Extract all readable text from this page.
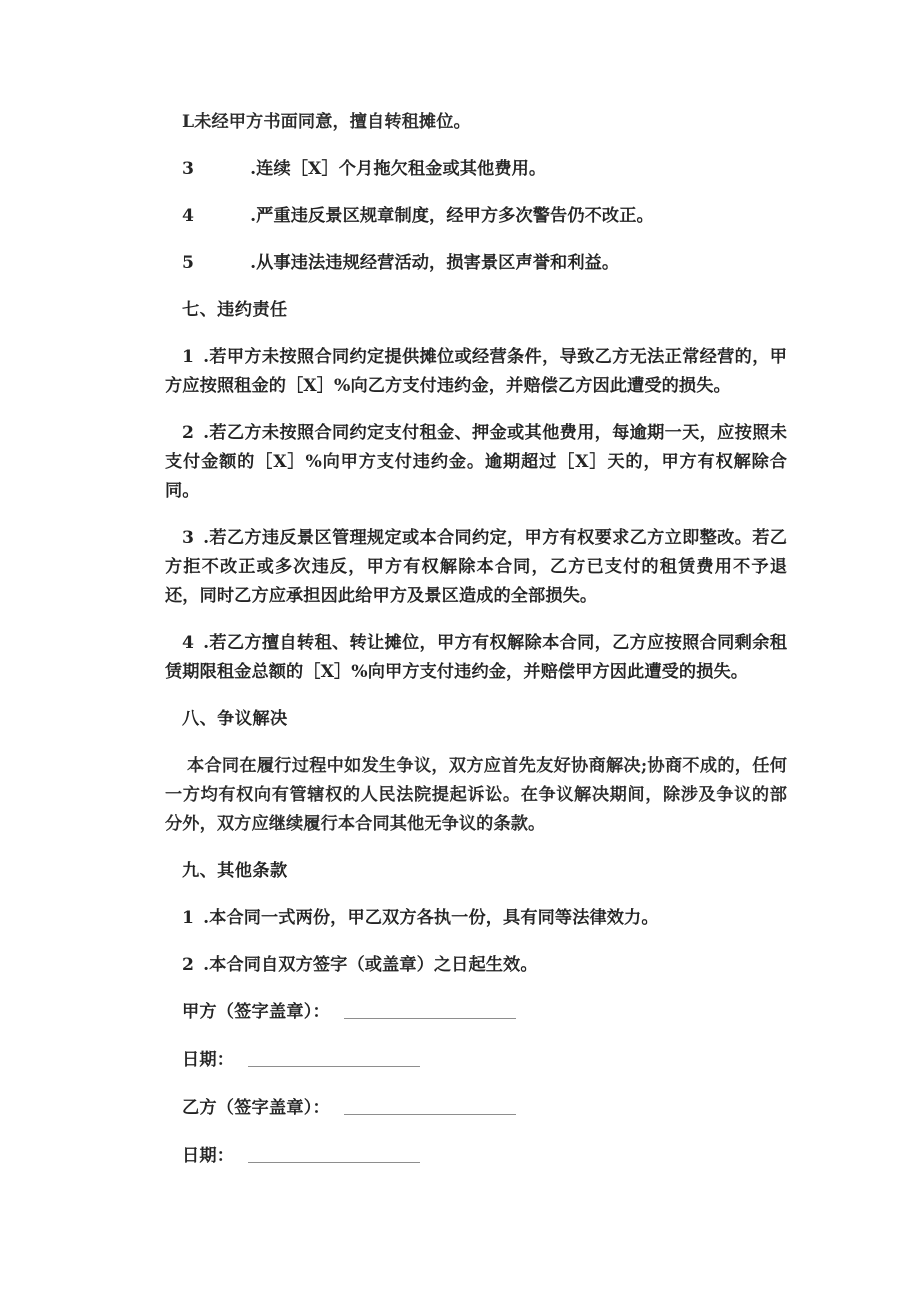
L未经甲方书面同意，擅自转租摊位。

3	.连续［X］个月拖欠租金或其他费用。

4	.严重违反景区规章制度，经甲方多次警告仍不改正。

5	.从事违法违规经营活动，损害景区声誉和利益。

七、违约责任

1 .若甲方未按照合同约定提供摊位或经营条件，导致乙方无法正常经营的，甲方应按照租金的［X］%向乙方支付违约金，并赔偿乙方因此遭受的损失。

2 .若乙方未按照合同约定支付租金、押金或其他费用，每逾期一天，应按照未支付金额的［X］%向甲方支付违约金。逾期超过［X］天的，甲方有权解除合同。

3 .若乙方违反景区管理规定或本合同约定，甲方有权要求乙方立即整改。若乙方拒不改正或多次违反，甲方有权解除本合同，乙方已支付的租赁费用不予退还，同时乙方应承担因此给甲方及景区造成的全部损失。

4 .若乙方擅自转租、转让摊位，甲方有权解除本合同，乙方应按照合同剩余租赁期限租金总额的［X］%向甲方支付违约金，并赔偿甲方因此遭受的损失。

八、争议解决

本合同在履行过程中如发生争议，双方应首先友好协商解决;协商不成的，任何一方均有权向有管辖权的人民法院提起诉讼。在争议解决期间，除涉及争议的部分外，双方应继续履行本合同其他无争议的条款。

九、其他条款

1 .本合同一式两份，甲乙双方各执一份，具有同等法律效力。

2 .本合同自双方签字（或盖章）之日起生效。

甲方（签字盖章）：

日期：

乙方（签字盖章）：

日期：
